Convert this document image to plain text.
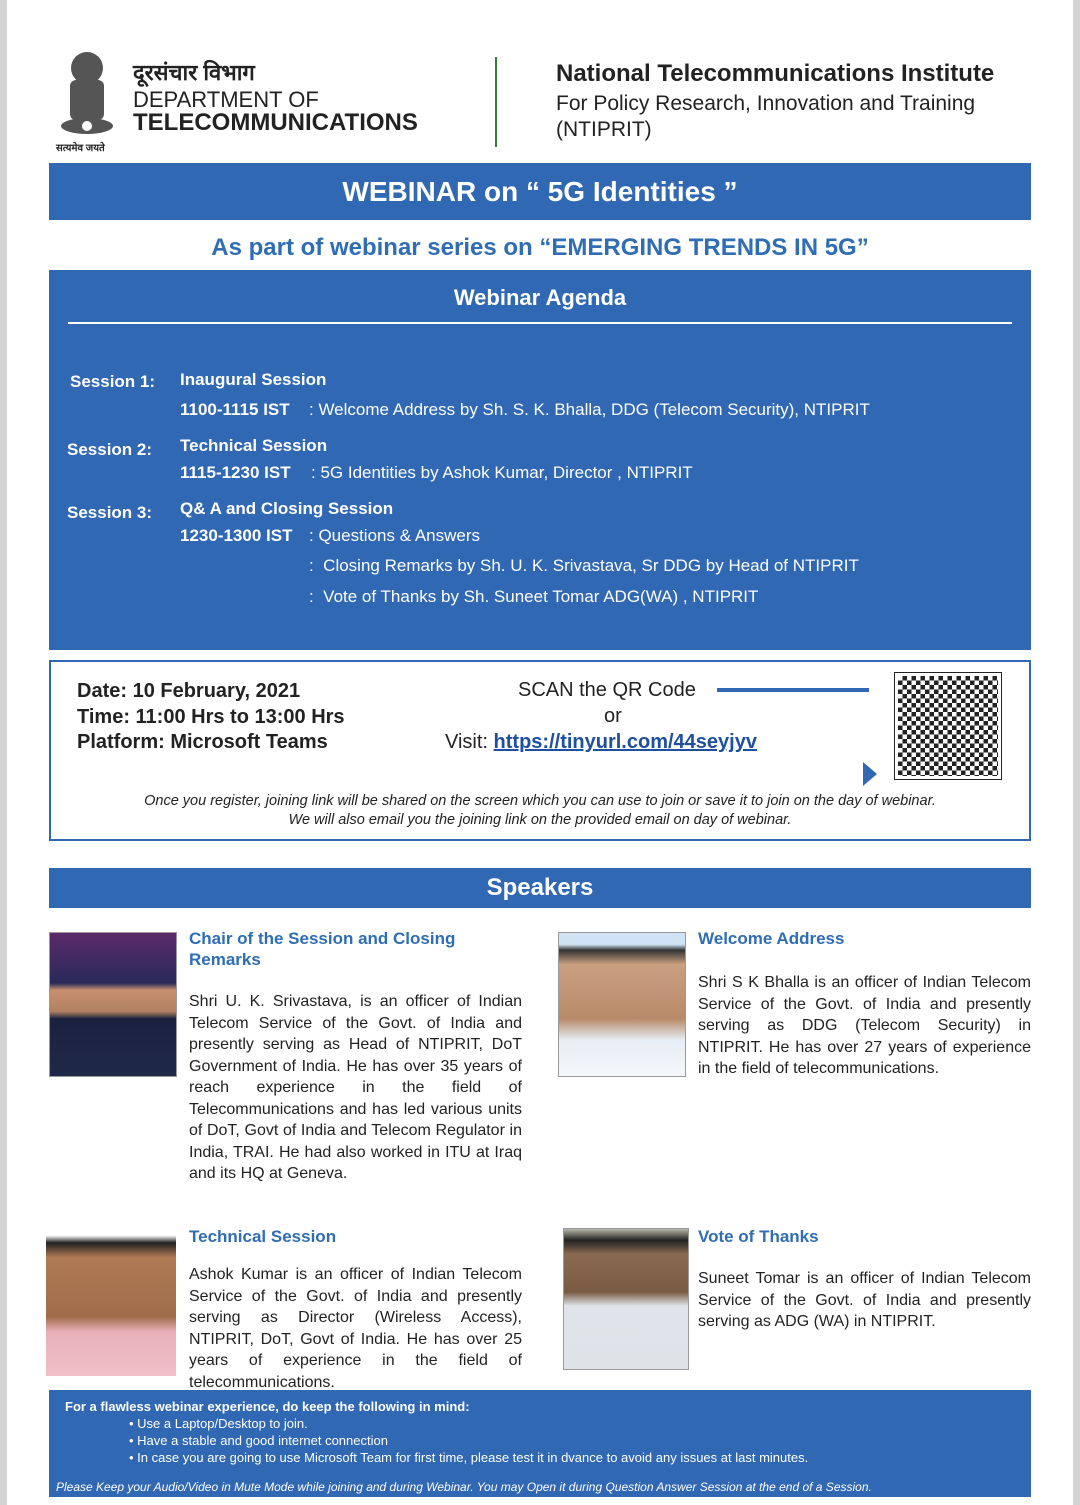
सत्यमेव जयते
दूरसंचार विभाग
DEPARTMENT OF
TELECOMMUNICATIONS
National Telecommunications Institute
For Policy Research, Innovation and Training
(NTIPRIT)
WEBINAR on “ 5G Identities ”
As part of webinar series on “EMERGING TRENDS IN 5G”
Webinar Agenda
Session 1: Inaugural Session
1100-1115 IST : Welcome Address by Sh. S. K. Bhalla, DDG (Telecom Security), NTIPRIT
Session 2: Technical Session
1115-1230 IST : 5G Identities by Ashok Kumar, Director , NTIPRIT
Session 3: Q& A and Closing Session
1230-1300 IST : Questions & Answers
:  Closing Remarks by Sh. U. K. Srivastava, Sr DDG by Head of NTIPRIT
:  Vote of Thanks by Sh. Suneet Tomar ADG(WA) , NTIPRIT
Date: 10 February, 2021
Time: 11:00 Hrs to 13:00 Hrs
Platform: Microsoft Teams
SCAN the QR Code
or
Visit: https://tinyurl.com/44seyjyv
Once you register, joining link will be shared on the screen which you can use to join or save it to join on the day of webinar.
We will also email you the joining link on the provided email on day of webinar.
Speakers
Chair of the Session and Closing Remarks
Shri U. K. Srivastava, is an officer of Indian Telecom Service of the Govt. of India and presently serving as Head of NTIPRIT, DoT Government of India. He has over 35 years of reach experience in the field of Telecommunications and has led various units of DoT, Govt of India and Telecom Regulator in India, TRAI. He had also worked in ITU at Iraq and its HQ at Geneva.
Welcome Address
Shri S K Bhalla is an officer of Indian Telecom Service of the Govt. of India and presently serving as DDG (Telecom Security) in NTIPRIT. He has over 27 years of experience in the field of telecommunications.
Technical Session
Ashok Kumar is an officer of Indian Telecom Service of the Govt. of India and presently serving as Director (Wireless Access), NTIPRIT, DoT, Govt of India. He has over 25 years of experience in the field of telecommunications.
Vote of Thanks
Suneet Tomar is an officer of Indian Telecom Service of the Govt. of India and presently serving as ADG (WA) in NTIPRIT.
For a flawless webinar experience, do keep the following in mind:
• Use a Laptop/Desktop to join.
• Have a stable and good internet connection
• In case you are going to use Microsoft Team for first time, please test it in dvance to avoid any issues at last minutes.
Please Keep your Audio/Video in Mute Mode while joining and during Webinar. You may Open it during Question Answer Session at the end of a Session.
